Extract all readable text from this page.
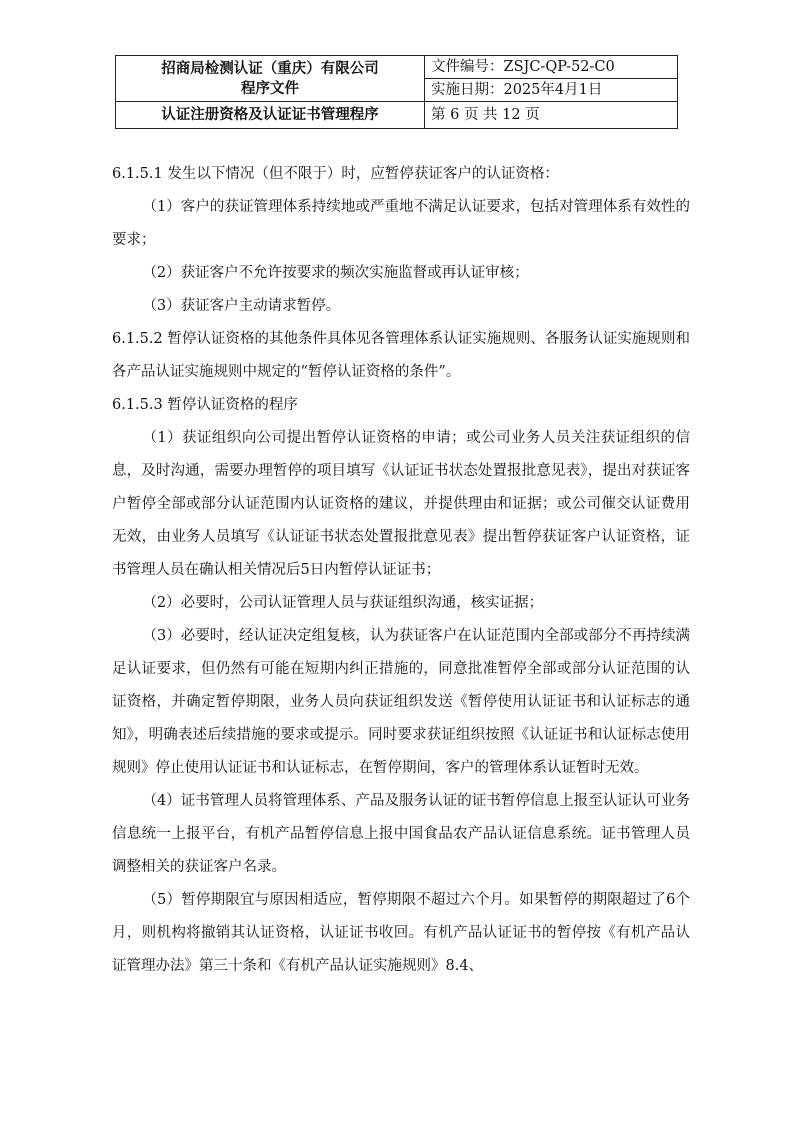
招商局检测认证（重庆）有限公司
程序文件	文件编号：ZSJC-QP-52-C0
	实施日期：2025年4月1日
认证注册资格及认证证书管理程序	第 6 页 共 12 页

6.1.5.1 发生以下情况（但不限于）时，应暂停获证客户的认证资格：

（1）客户的获证管理体系持续地或严重地不满足认证要求，包括对管理体系有效性的要求；

（2）获证客户不允许按要求的频次实施监督或再认证审核；

（3）获证客户主动请求暂停。

6.1.5.2 暂停认证资格的其他条件具体见各管理体系认证实施规则、各服务认证实施规则和各产品认证实施规则中规定的“暂停认证资格的条件”。

6.1.5.3 暂停认证资格的程序

（1）获证组织向公司提出暂停认证资格的申请；或公司业务人员关注获证组织的信息，及时沟通，需要办理暂停的项目填写《认证证书状态处置报批意见表》，提出对获证客户暂停全部或部分认证范围内认证资格的建议，并提供理由和证据；或公司催交认证费用无效，由业务人员填写《认证证书状态处置报批意见表》提出暂停获证客户认证资格，证书管理人员在确认相关情况后5日内暂停认证证书；

（2）必要时，公司认证管理人员与获证组织沟通，核实证据；

（3）必要时，经认证决定组复核，认为获证客户在认证范围内全部或部分不再持续满足认证要求，但仍然有可能在短期内纠正措施的，同意批准暂停全部或部分认证范围的认证资格，并确定暂停期限，业务人员向获证组织发送《暂停使用认证证书和认证标志的通知》，明确表述后续措施的要求或提示。同时要求获证组织按照《认证证书和认证标志使用规则》停止使用认证证书和认证标志，在暂停期间，客户的管理体系认证暂时无效。

（4）证书管理人员将管理体系、产品及服务认证的证书暂停信息上报至认证认可业务信息统一上报平台，有机产品暂停信息上报中国食品农产品认证信息系统。证书管理人员调整相关的获证客户名录。

（5）暂停期限宜与原因相适应，暂停期限不超过六个月。如果暂停的期限超过了6个月，则机构将撤销其认证资格，认证证书收回。有机产品认证证书的暂停按《有机产品认证管理办法》第三十条和《有机产品认证实施规则》8.4、
